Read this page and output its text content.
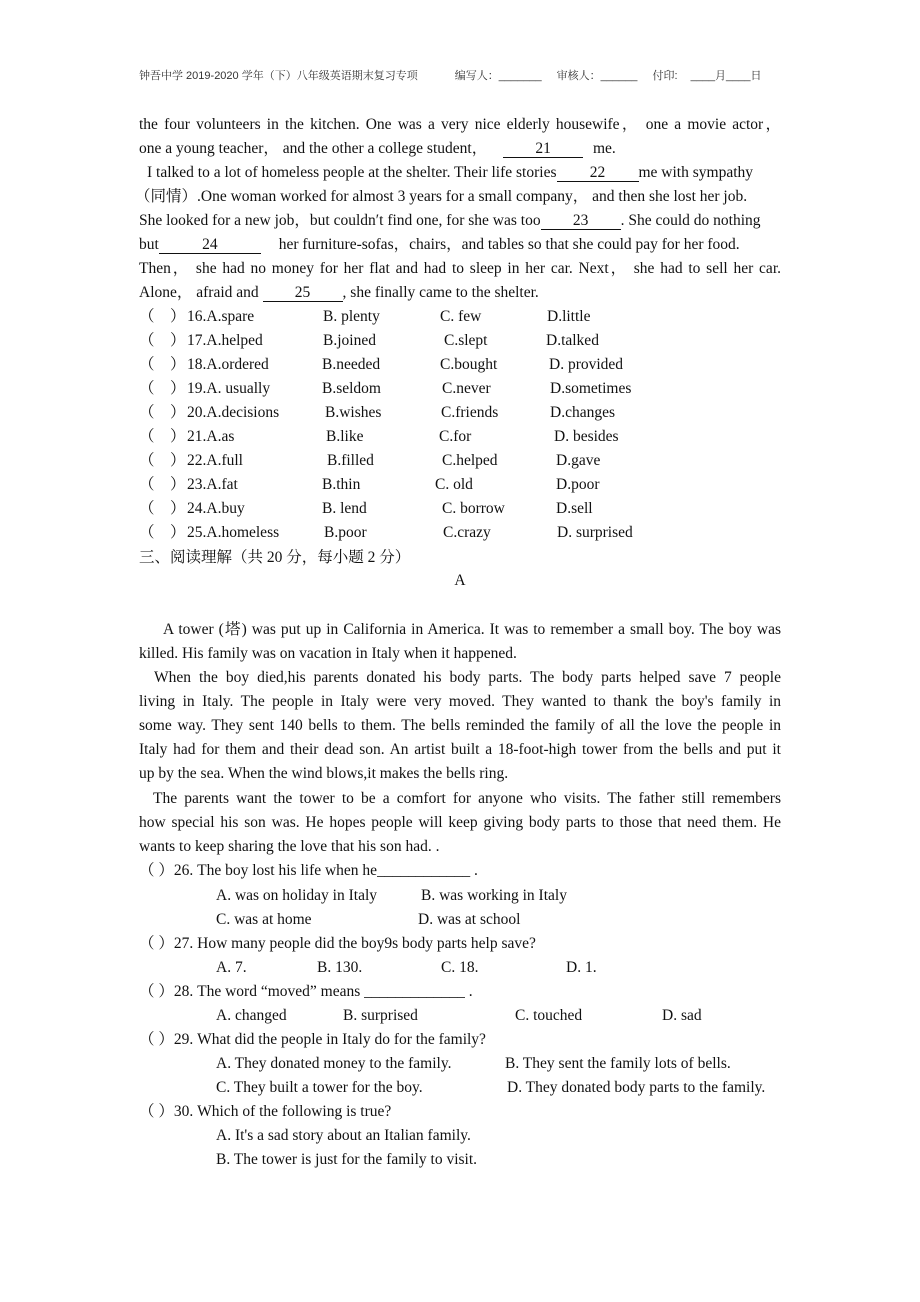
钟吾中学 2019-2020 学年（下）八年级英语期末复习专项	编写人：_______ 审核人：______ 付印: ____月____日
the four volunteers in the kitchen. One was a very nice elderly housewife， one a movie actor，
one a young teacher， and the other a college student，	21	me.
I talked to a lot of homeless people at the shelter. Their life stories 22 me with sympathy
（同情）.One woman worked for almost 3 years for a small company， and then she lost her job.
She looked for a new job，but couldn′t find one, for she was too 23 . She could do nothing
but	24	her furniture-sofas，chairs，and tables so that she could pay for her food.
Then， she had no money for her flat and had to sleep in her car. Next， she had to sell her car.
Alone， afraid and 25 , she finally came to the shelter.
（    ） 16.A.spare	B. plenty	C. few	D.little
（    ） 17.A.helped	B.joined	C.slept	D.talked
（    ） 18.A.ordered	B.needed	C.bought	D. provided
（    ） 19.A. usually	B.seldom	C.never	D.sometimes
（    ） 20.A.decisions	B.wishes	C.friends	D.changes
（    ） 21.A.as	B.like	C.for	D. besides
（    ） 22.A.full	B.filled	C.helped	D.gave
（    ） 23.A.fat	B.thin	C. old	D.poor
（    ） 24.A.buy	B. lend	C. borrow	D.sell
（    ） 25.A.homeless	B.poor	C.crazy	D. surprised
三、阅读理解（共 20 分，每小题 2 分）
A
A tower (塔) was put up in California in America. It was to remember a small boy. The boy was
killed. His family was on vacation in Italy when it happened.
When the boy died,his parents donated his body parts. The body parts helped save 7 people
living in Italy. The people in Italy were very moved. They wanted to thank the boy's family in
some way. They sent 140 bells to them. The bells reminded the family of all the love the people in
Italy had for them and their dead son. An artist built a 18-foot-high tower from the bells and put it
up by the sea. When the wind blows,it makes the bells ring.
The parents want the tower to be a comfort for anyone who visits. The father still remembers
how special his son was. He hopes people will keep giving body parts to those that need them. He
wants to keep sharing the love that his son had. .
（ ）26. The boy lost his life when he____________ .
A. was on holiday in Italy	B. was working in Italy
C. was at home	D. was at school
（ ）27. How many people did the boy9s body parts help save?
A. 7.	B. 130.	C. 18.	D. 1.
（ ）28. The word “moved” means _____________ .
A. changed	B. surprised	C. touched	D. sad
（ ）29. What did the people in Italy do for the family?
A. They donated money to the family.	B. They sent the family lots of bells.
C. They built a tower for the boy.	D. They donated body parts to the family.
（ ）30. Which of the following is true?
A. It's a sad story about an Italian family.
B. The tower is just for the family to visit.
